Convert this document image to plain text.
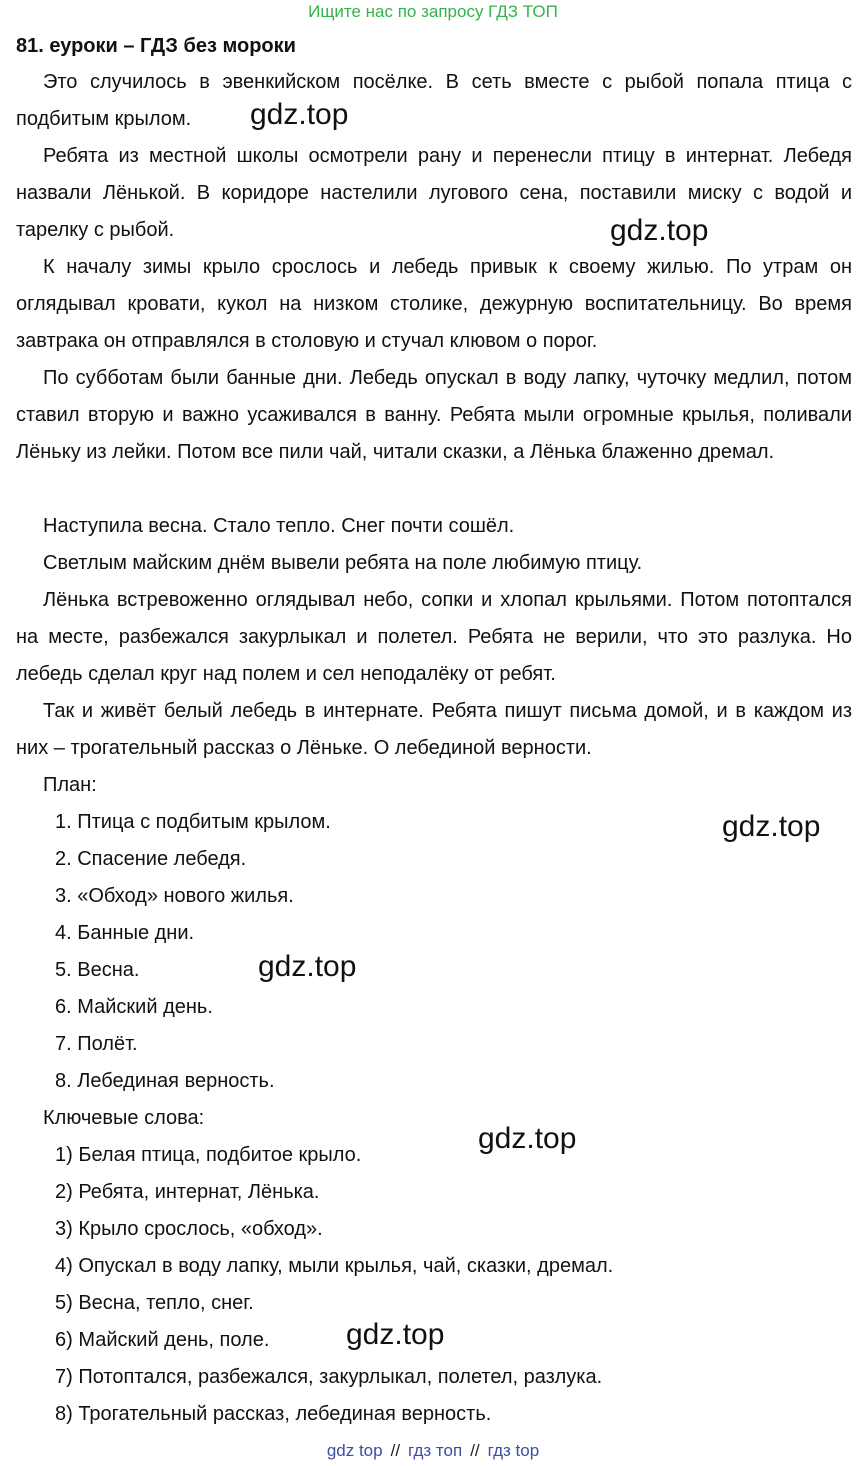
Ищите нас по запросу ГДЗ ТОП
81. еуроки – ГДЗ без мороки

Это случилось в эвенкийском посёлке. В сеть вместе с рыбой попала птица с подбитым крылом.

Ребята из местной школы осмотрели рану и перенесли птицу в интернат. Лебедя назвали Лёнькой. В коридоре настелили лугового сена, поставили миску с водой и тарелку с рыбой.

К началу зимы крыло срослось и лебедь привык к своему жилью. По утрам он оглядывал кровати, кукол на низком столике, дежурную воспитательницу. Во время завтрака он отправлялся в столовую и стучал клювом о порог.

По субботам были банные дни. Лебедь опускал в воду лапку, чуточку медлил, потом ставил вторую и важно усаживался в ванну. Ребята мыли огромные крылья, поливали Лёньку из лейки. Потом все пили чай, читали сказки, а Лёнька блаженно дремал.

Наступила весна. Стало тепло. Снег почти сошёл.

Светлым майским днём вывели ребята на поле любимую птицу.

Лёнька встревоженно оглядывал небо, сопки и хлопал крыльями. Потом потоптался на месте, разбежался закурлыкал и полетел. Ребята не верили, что это разлука. Но лебедь сделал круг над полем и сел неподалёку от ребят.

Так и живёт белый лебедь в интернате. Ребята пишут письма домой, и в каждом из них – трогательный рассказ о Лёньке. О лебединой верности.

План:
1. Птица с подбитым крылом.
2. Спасение лебедя.
3. «Обход» нового жилья.
4. Банные дни.
5. Весна.
6. Майский день.
7. Полёт.
8. Лебединая верность.
Ключевые слова:
1) Белая птица, подбитое крыло.
2) Ребята, интернат, Лёнька.
3) Крыло срослось, «обход».
4) Опускал в воду лапку, мыли крылья, чай, сказки, дремал.
5) Весна, тепло, снег.
6) Майский день, поле.
7) Потоптался, разбежался, закурлыкал, полетел, разлука.
8) Трогательный рассказ, лебединая верность.
gdz.top
gdz.top
gdz.top
gdz.top
gdz.top
gdz.top
gdz top // гдз топ // гдз top
